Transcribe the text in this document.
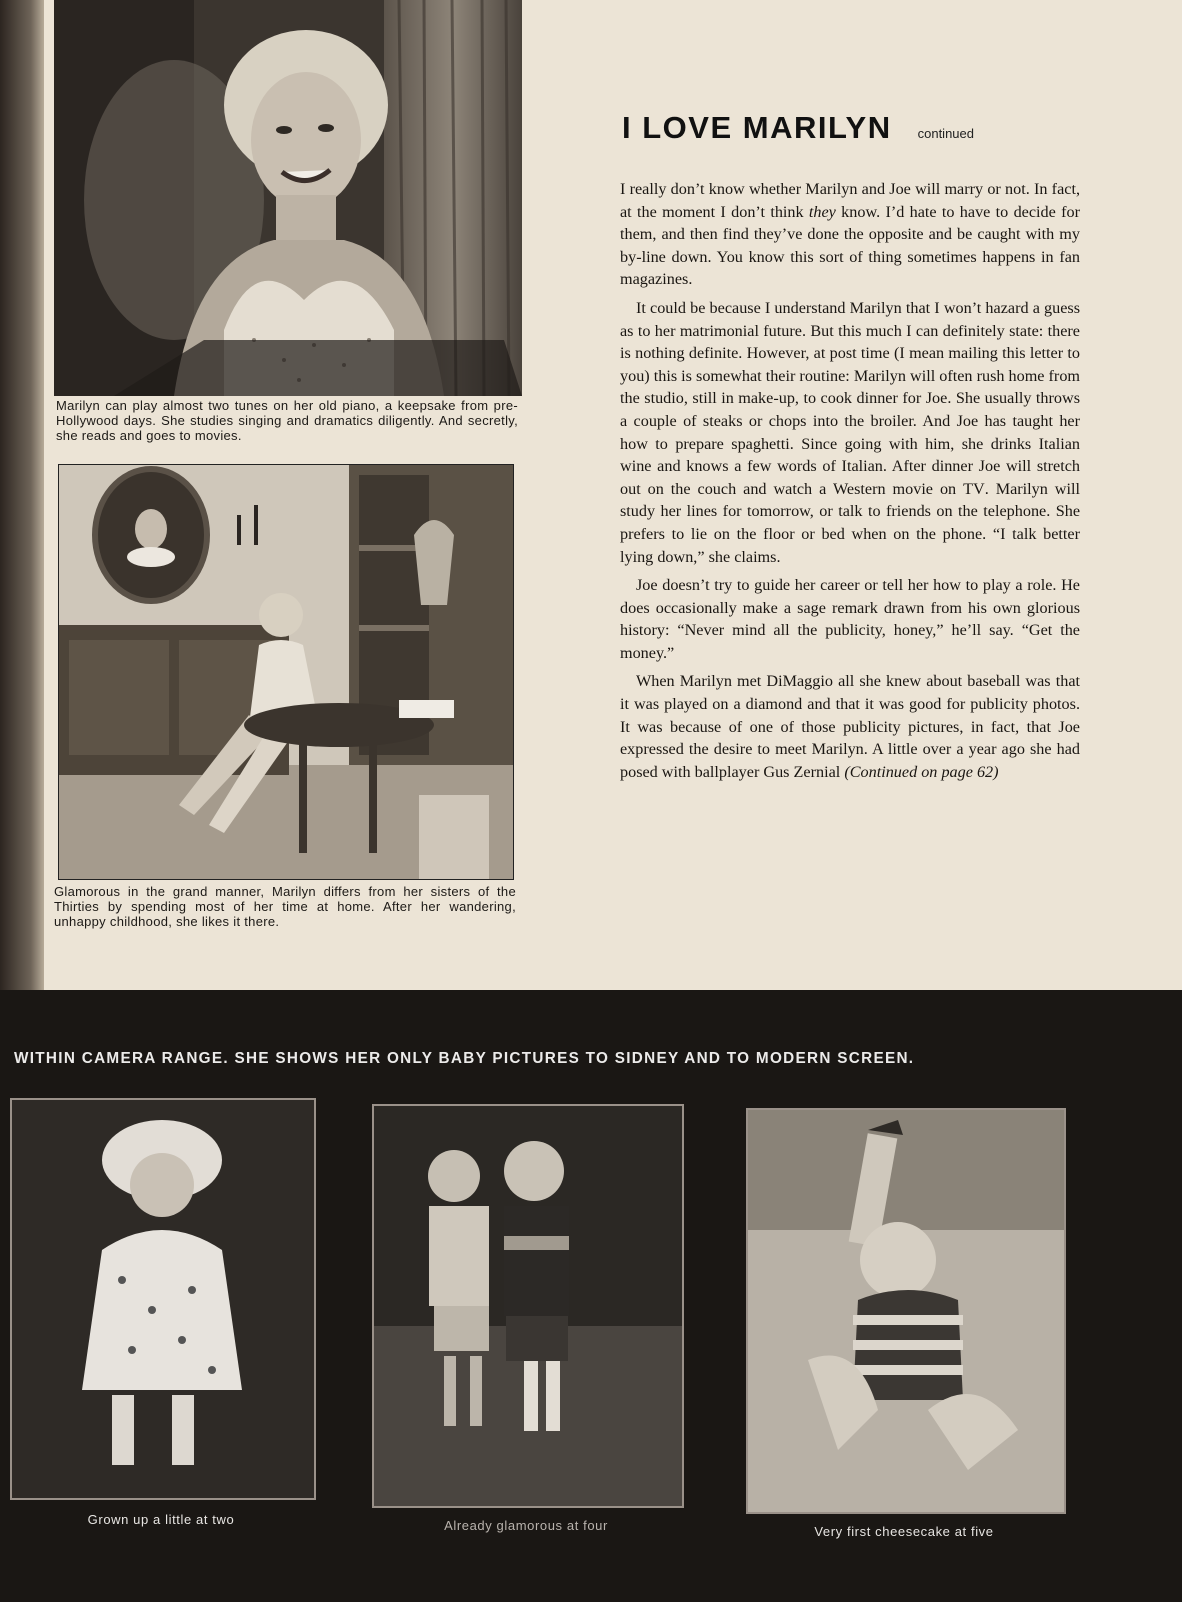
Marilyn can play almost two tunes on her old piano, a keepsake from pre-Hollywood days. She studies singing and dramatics diligently. And secretly, she reads and goes to movies.
Glamorous in the grand manner, Marilyn differs from her sisters of the Thirties by spending most of her time at home. After her wandering, unhappy childhood, she likes it there.
I LOVE MARILYN continued

I really don’t know whether Marilyn and Joe will marry or not. In fact, at the moment I don’t think they know. I’d hate to have to decide for them, and then find they’ve done the opposite and be caught with my by-line down. You know this sort of thing sometimes happens in fan magazines.

It could be because I understand Marilyn that I won’t hazard a guess as to her matrimonial future. But this much I can definitely state: there is nothing definite. However, at post time (I mean mailing this letter to you) this is somewhat their routine: Marilyn will often rush home from the studio, still in make-up, to cook dinner for Joe. She usually throws a couple of steaks or chops into the broiler. And Joe has taught her how to prepare spaghetti. Since going with him, she drinks Italian wine and knows a few words of Italian. After dinner Joe will stretch out on the couch and watch a Western movie on TV. Marilyn will study her lines for tomorrow, or talk to friends on the telephone. She prefers to lie on the floor or bed when on the phone. “I talk better lying down,” she claims.

Joe doesn’t try to guide her career or tell her how to play a role. He does occasionally make a sage remark drawn from his own glorious history: “Never mind all the publicity, honey,” he’ll say. “Get the money.”

When Marilyn met DiMaggio all she knew about baseball was that it was played on a diamond and that it was good for publicity photos. It was because of one of those publicity pictures, in fact, that Joe expressed the desire to meet Marilyn. A little over a year ago she had posed with ballplayer Gus Zernial (Continued on page 62)

WITHIN CAMERA RANGE. SHE SHOWS HER ONLY BABY PICTURES TO SIDNEY AND TO MODERN SCREEN.
Grown up a little at two	Already glamorous at four	Very first cheesecake at five
